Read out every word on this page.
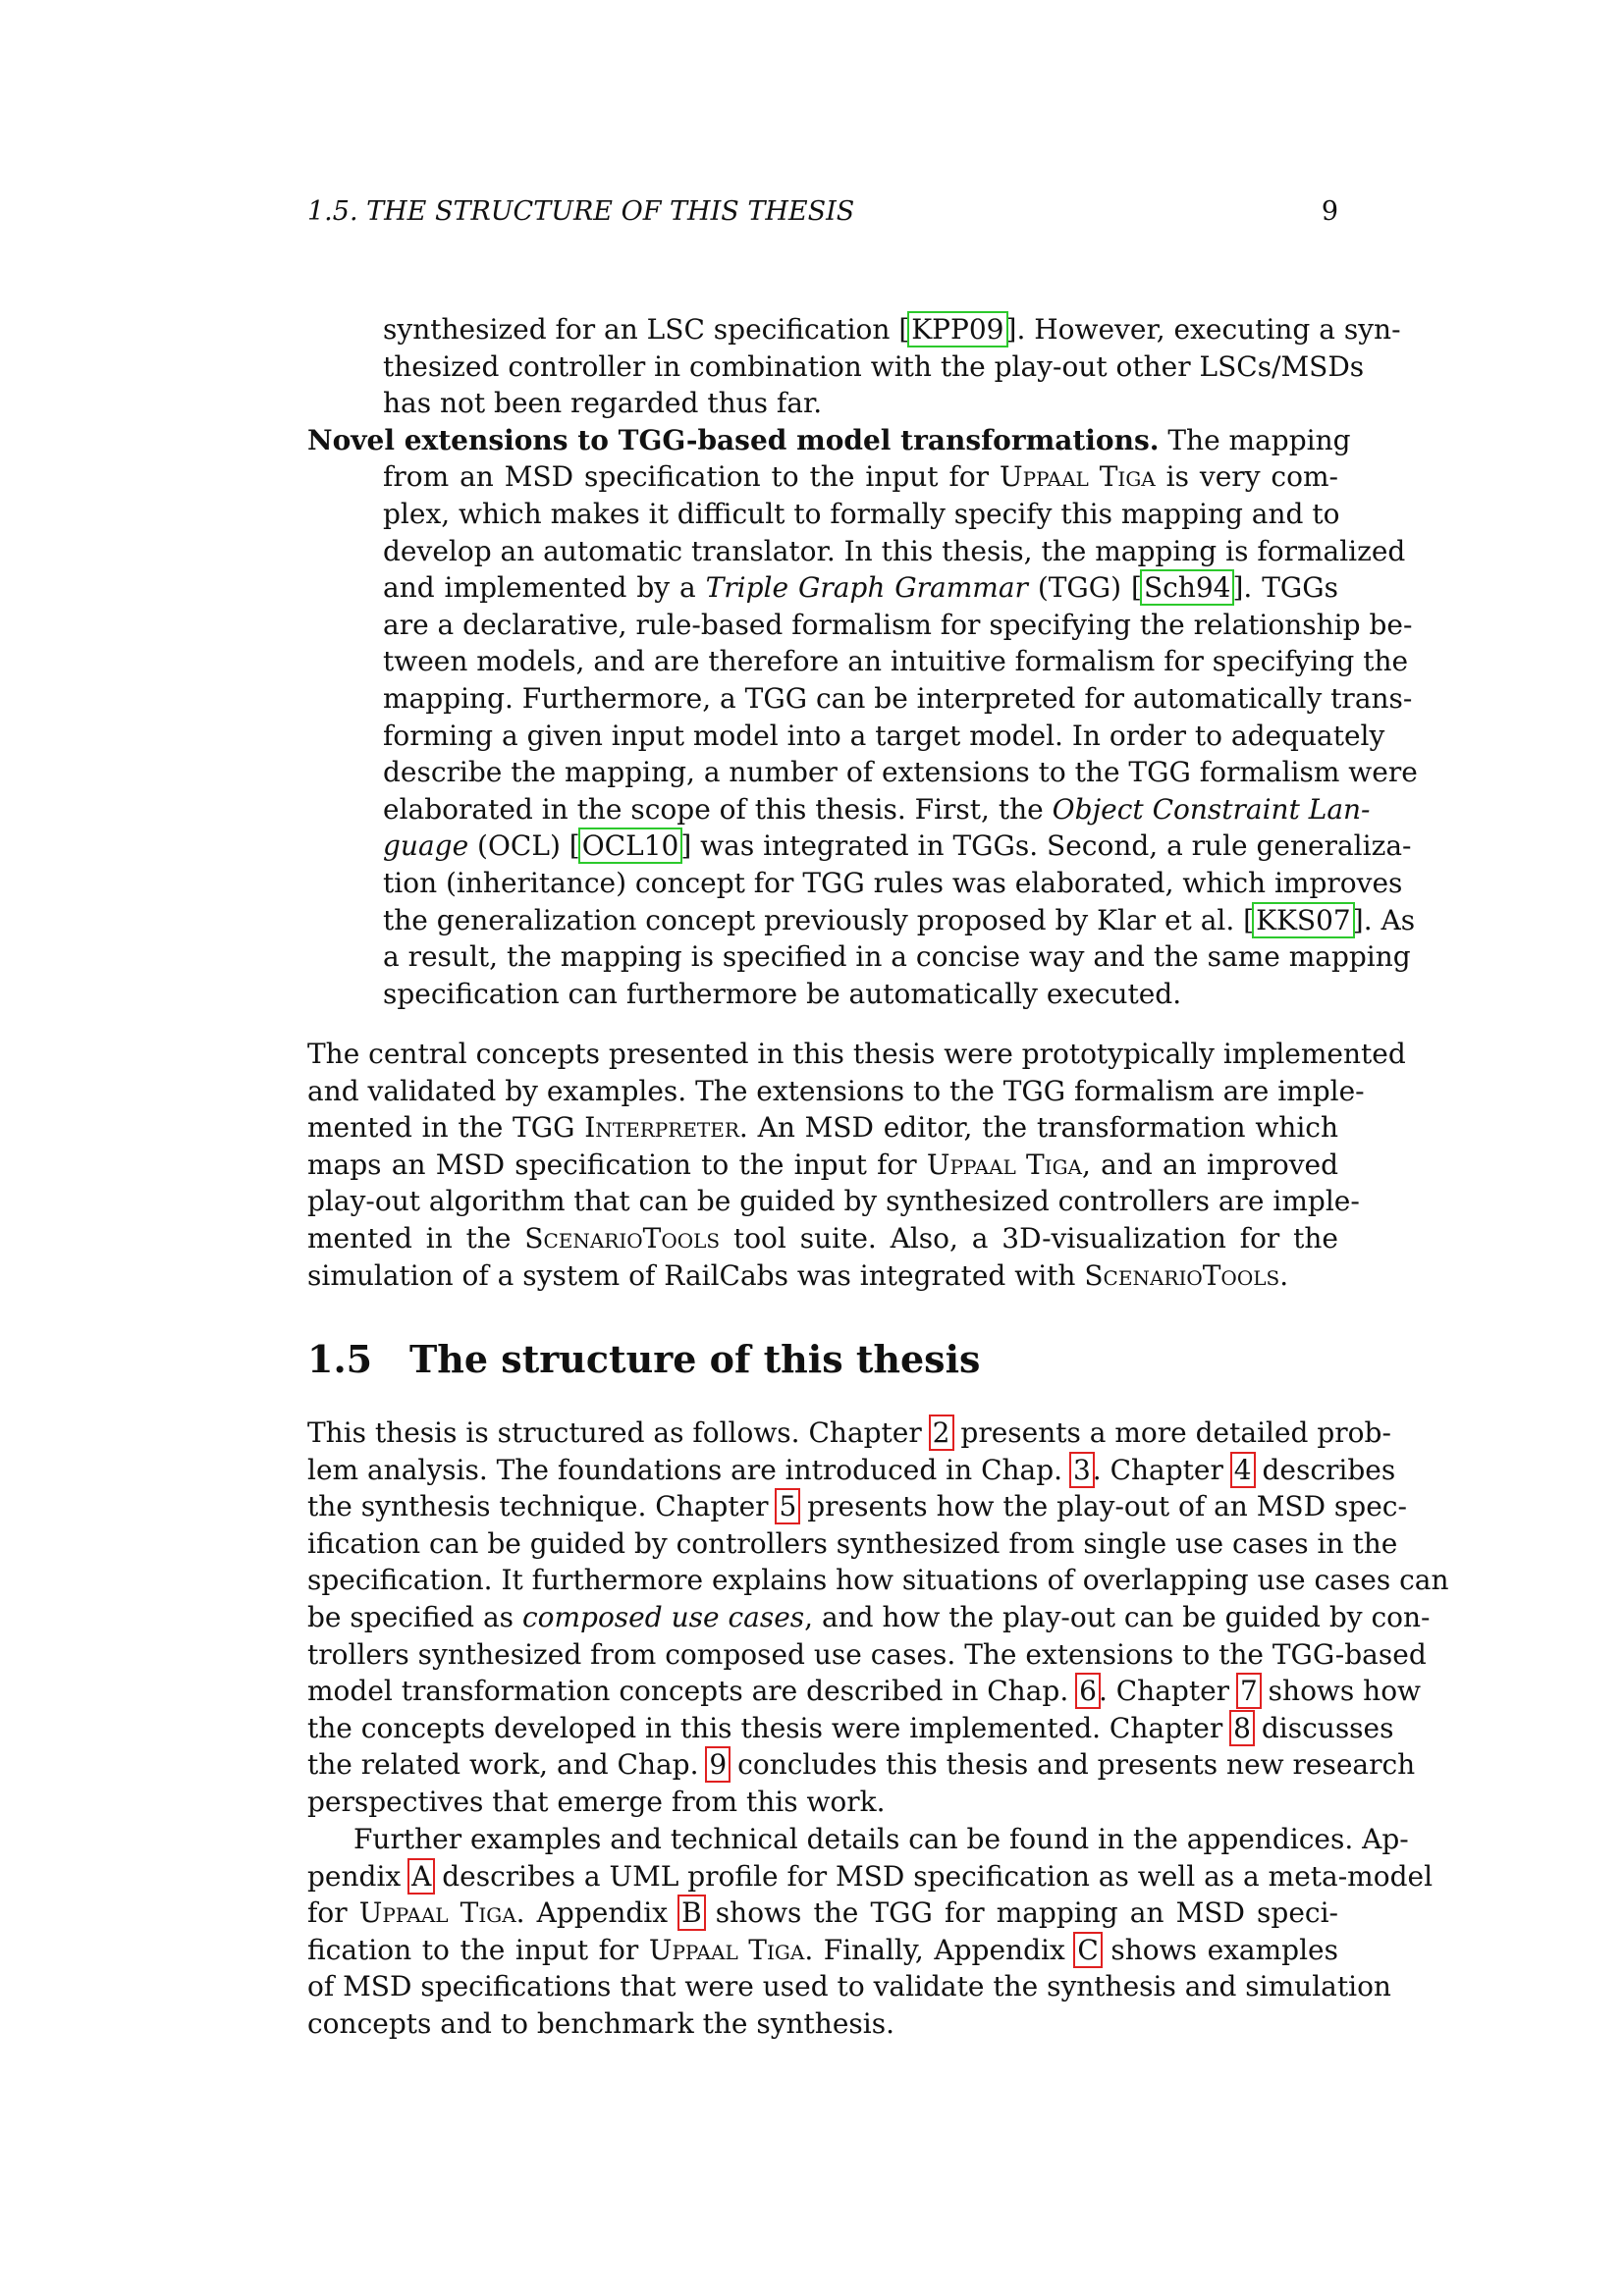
1.5. THE STRUCTURE OF THIS THESIS	9
synthesized for an LSC specification [KPP09]. However, executing a syn-
thesized controller in combination with the play-out other LSCs/MSDs
has not been regarded thus far.
Novel extensions to TGG-based model transformations. The mapping
from an MSD specification to the input for Uppaal Tiga is very com-
plex, which makes it difficult to formally specify this mapping and to
develop an automatic translator. In this thesis, the mapping is formalized
and implemented by a Triple Graph Grammar (TGG) [Sch94]. TGGs
are a declarative, rule-based formalism for specifying the relationship be-
tween models, and are therefore an intuitive formalism for specifying the
mapping. Furthermore, a TGG can be interpreted for automatically trans-
forming a given input model into a target model. In order to adequately
describe the mapping, a number of extensions to the TGG formalism were
elaborated in the scope of this thesis. First, the Object Constraint Lan-
guage (OCL) [OCL10] was integrated in TGGs. Second, a rule generaliza-
tion (inheritance) concept for TGG rules was elaborated, which improves
the generalization concept previously proposed by Klar et al. [KKS07]. As
a result, the mapping is specified in a concise way and the same mapping
specification can furthermore be automatically executed.
The central concepts presented in this thesis were prototypically implemented
and validated by examples. The extensions to the TGG formalism are imple-
mented in the TGG Interpreter. An MSD editor, the transformation which
maps an MSD specification to the input for Uppaal Tiga, and an improved
play-out algorithm that can be guided by synthesized controllers are imple-
mented in the ScenarioTools tool suite. Also, a 3D-visualization for the
simulation of a system of RailCabs was integrated with ScenarioTools.
1.5 The structure of this thesis
This thesis is structured as follows. Chapter 2 presents a more detailed prob-
lem analysis. The foundations are introduced in Chap. 3. Chapter 4 describes
the synthesis technique. Chapter 5 presents how the play-out of an MSD spec-
ification can be guided by controllers synthesized from single use cases in the
specification. It furthermore explains how situations of overlapping use cases can
be specified as composed use cases, and how the play-out can be guided by con-
trollers synthesized from composed use cases. The extensions to the TGG-based
model transformation concepts are described in Chap. 6. Chapter 7 shows how
the concepts developed in this thesis were implemented. Chapter 8 discusses
the related work, and Chap. 9 concludes this thesis and presents new research
perspectives that emerge from this work.
Further examples and technical details can be found in the appendices. Ap-
pendix A describes a UML profile for MSD specification as well as a meta-model
for Uppaal Tiga. Appendix B shows the TGG for mapping an MSD speci-
fication to the input for Uppaal Tiga. Finally, Appendix C shows examples
of MSD specifications that were used to validate the synthesis and simulation
concepts and to benchmark the synthesis.
